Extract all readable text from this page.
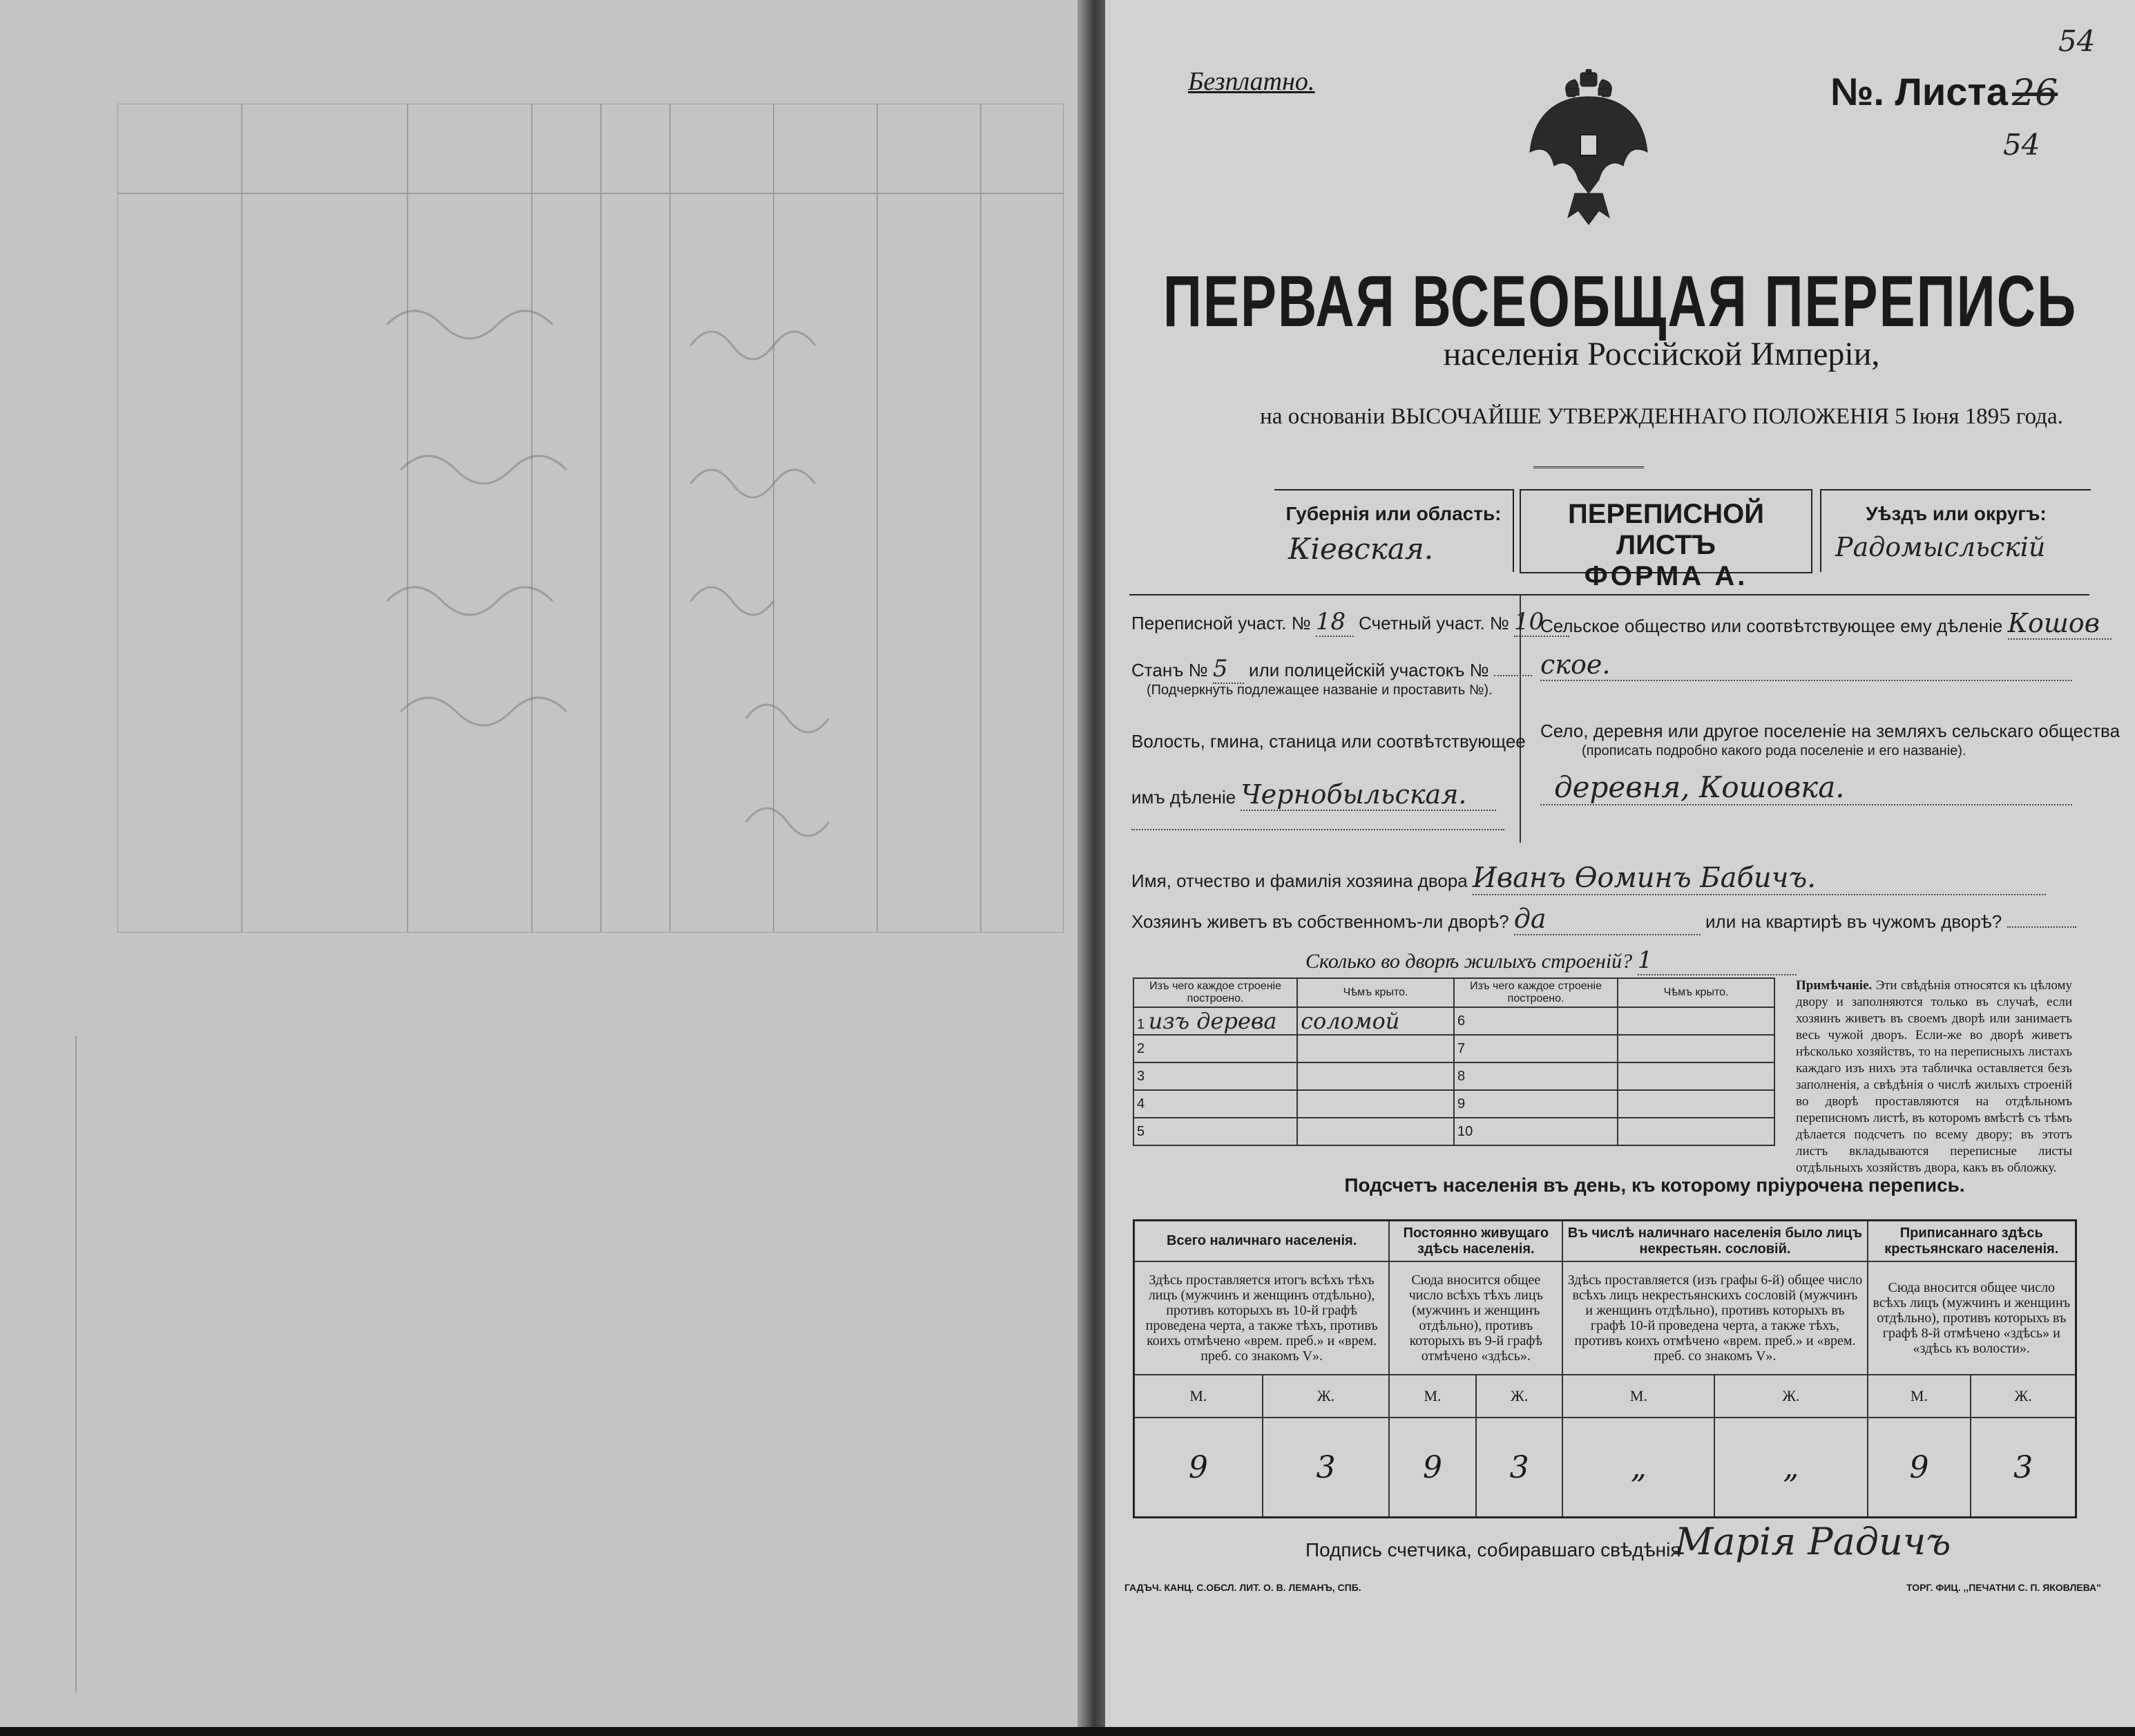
Безплатно.
54
№. Листа 26
54
ПЕРВАЯ ВСЕОБЩАЯ ПЕРЕПИСЬ
населенія Россійской Имперіи,
на основаніи ВЫСОЧАЙШЕ УТВЕРЖДЕННАГО ПОЛОЖЕНІЯ 5 Іюня 1895 года.
Губернія или область:
Кіевская.
ПЕРЕПИСНОЙ ЛИСТЪ
ФОРМА А.
Уѣздъ или округъ:
Радомысльскій
Переписной участ. № 18 Счетный участ. № 10
Станъ № 5 или полицейскій участокъ №
(Подчеркнуть подлежащее названіе и проставить №).
Волость, гмина, станица или соотвѣтствующее
имъ дѣленіе Чернобыльская.
Сельское общество или соотвѣтствующее ему дѣленіе Кошов
ское.
Село, деревня или другое поселеніе на земляхъ сельскаго общества
(прописать подробно какого рода поселеніе и его названіе).
деревня, Кошовка.
Имя, отчество и фамилія хозяина двора Иванъ Ѳоминъ Бабичъ.
Хозяинъ живетъ въ собственномъ-ли дворѣ? да	или на квартирѣ въ чужомъ дворѣ?
Сколько во дворѣ жилыхъ строеній? 1
Изъ чего каждое строеніе построено.	Чѣмъ крыто.	Изъ чего каждое строеніе построено.	Чѣмъ крыто.
1 изъ дерева	соломой	6	
2		7	
3		8	
4		9	
5		10	
Примѣчаніе. Эти свѣдѣнія относятся къ цѣлому двору и заполняются только въ случаѣ, если хозяинъ живетъ въ своемъ дворѣ или занимаетъ весь чужой дворъ. Если-же во дворѣ живетъ нѣсколько хозяйствъ, то на переписныхъ листахъ каждаго изъ нихъ эта табличка оставляется безъ заполненія, а свѣдѣнія о числѣ жилыхъ строеній во дворѣ проставляются на отдѣльномъ переписномъ листѣ, въ которомъ вмѣстѣ съ тѣмъ дѣлается подсчетъ по всему двору; въ этотъ листъ вкладываются переписные листы отдѣльныхъ хозяйствъ двора, какъ въ обложку.
Подсчетъ населенія въ день, къ которому пріурочена перепись.
Всего наличнаго населенія.		Постоянно живущаго здѣсь населенія.		Въ числѣ наличнаго населенія было лицъ некрестьян. сословій.		Приписаннаго здѣсь крестьянскаго населенія.	
Здѣсь проставляется итогъ всѣхъ тѣхъ лицъ (мужчинъ и женщинъ отдѣльно), противъ которыхъ въ 10-й графѣ проведена черта, а также тѣхъ, противъ коихъ отмѣчено «врем. преб.» и «врем. преб. со знакомъ V».		Сюда вносится общее число всѣхъ тѣхъ лицъ (мужчинъ и женщинъ отдѣльно), противъ которыхъ въ 9-й графѣ отмѣчено «здѣсь».		Здѣсь проставляется (изъ графы 6-й) общее число всѣхъ лицъ некрестьянскихъ сословій (мужчинъ и женщинъ отдѣльно), противъ которыхъ въ графѣ 10-й проведена черта, а также тѣхъ, противъ коихъ отмѣчено «врем. преб.» и «врем. преб. со знакомъ V».		Сюда вносится общее число всѣхъ лицъ (мужчинъ и женщинъ отдѣльно), противъ которыхъ въ графѣ 8-й отмѣчено «здѣсь» и «здѣсь къ волости».	
М.	Ж.	М.	Ж.	М.	Ж.	М.	Ж.
9	3	9	3	„	„	9	3
Подпись счетчика, собиравшаго свѣдѣнія
Марія Радичъ
ГАДЪЧ. КАНЦ. С.ОБСЛ. ЛИТ. О. В. ЛЕМАНЪ, СПБ.	ТОРГ. ФИЦ. ,,ПЕЧАТНИ С. П. ЯКОВЛЕВА"
